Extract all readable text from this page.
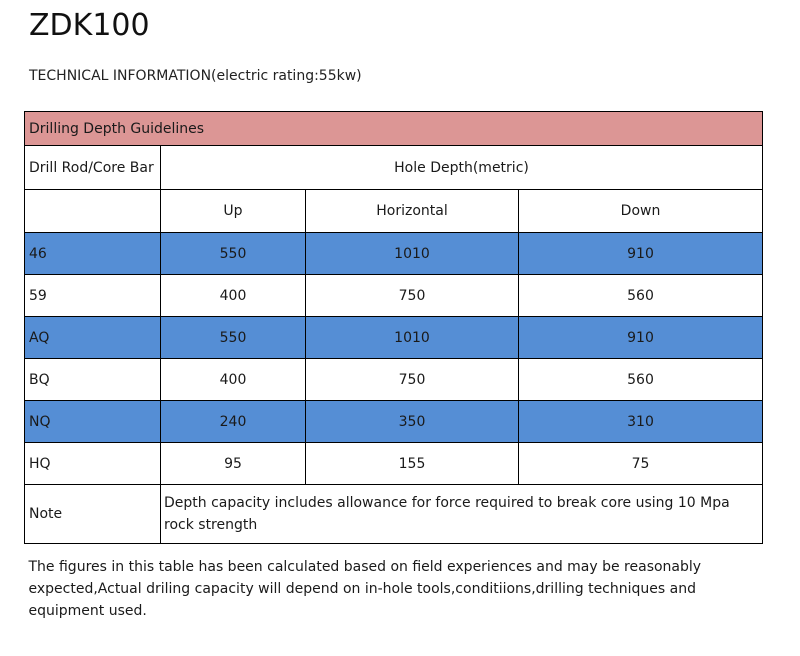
ZDK100

TECHNICAL INFORMATION(electric rating:55kw)

Drilling Depth Guidelines			
Drill Rod/Core Bar	Hole Depth(metric)		
	Up	Horizontal	Down
46	550	1010	910
59	400	750	560
AQ	550	1010	910
BQ	400	750	560
NQ	240	350	310
HQ	95	155	75
Note	Depth capacity includes allowance for force required to break core using 10 Mpa rock strength		
The figures in this table has been calculated based on field experiences and may be reasonably expected,Actual driling capacity will depend on in-hole tools,conditiions,drilling techniques and equipment used.			
